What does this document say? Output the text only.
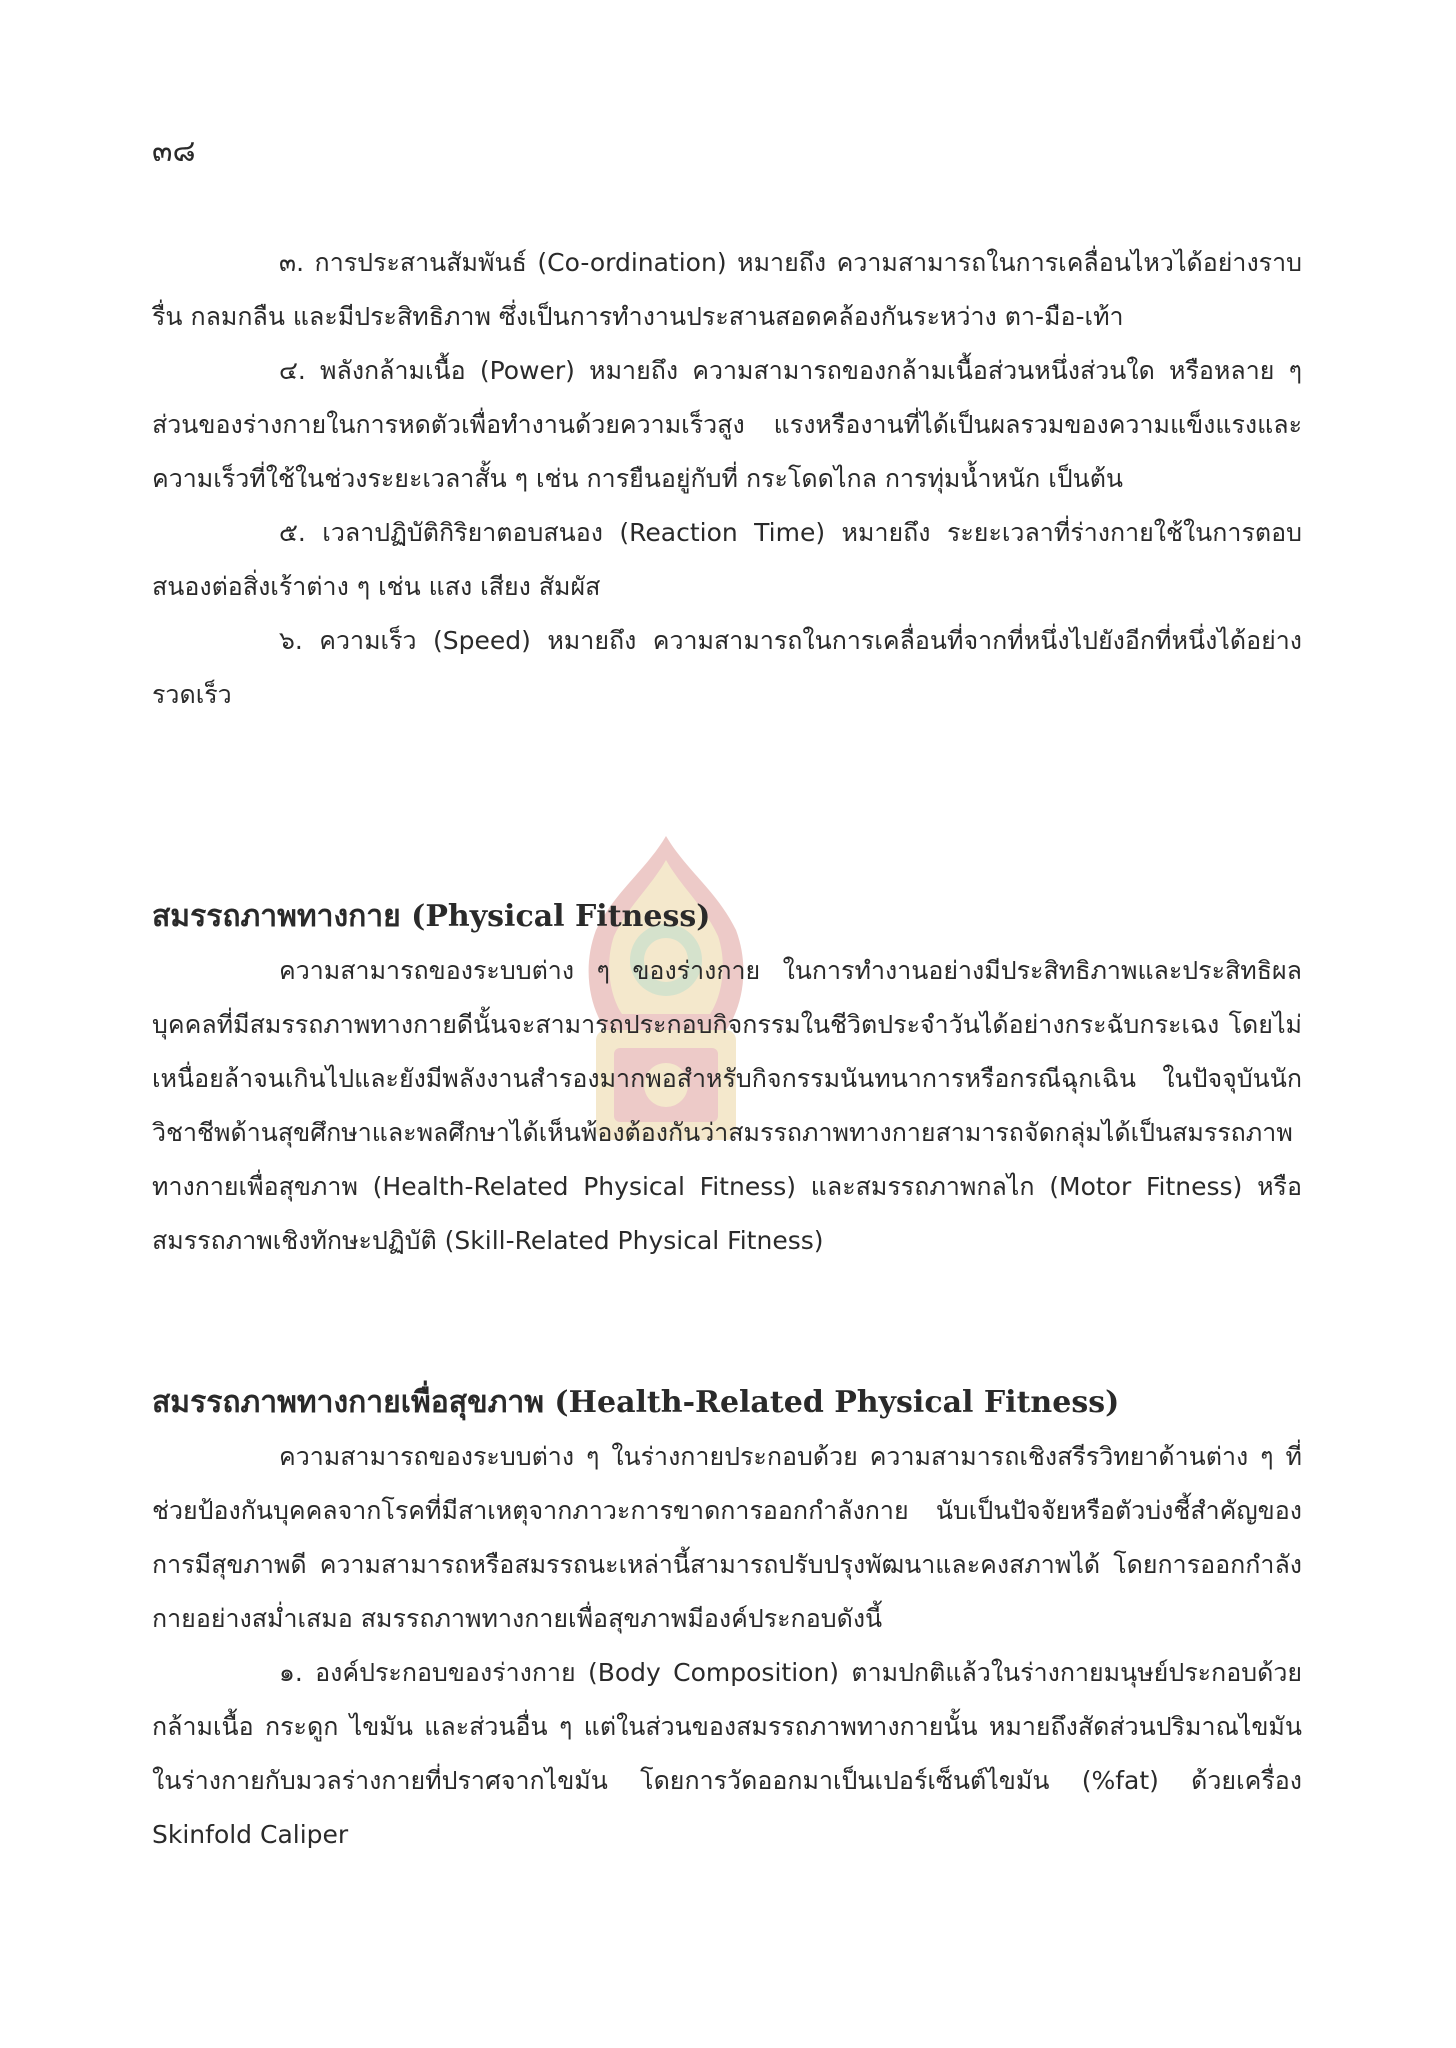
๓๘

๓. การประสานสัมพันธ์ (Co-ordination) หมายถึง ความสามารถในการเคลื่อนไหวได้อย่างราบรื่น กลมกลืน และมีประสิทธิภาพ ซึ่งเป็นการทำงานประสานสอดคล้องกันระหว่าง ตา-มือ-เท้า

๔. พลังกล้ามเนื้อ (Power) หมายถึง ความสามารถของกล้ามเนื้อส่วนหนึ่งส่วนใด หรือหลาย ๆ ส่วนของร่างกายในการหดตัวเพื่อทำงานด้วยความเร็วสูง แรงหรืองานที่ได้เป็นผลรวมของความแข็งแรงและความเร็วที่ใช้ในช่วงระยะเวลาสั้น ๆ เช่น การยืนอยู่กับที่ กระโดดไกล การทุ่มน้ำหนัก เป็นต้น

๕. เวลาปฏิบัติกิริยาตอบสนอง (Reaction Time) หมายถึง ระยะเวลาที่ร่างกายใช้ในการตอบสนองต่อสิ่งเร้าต่าง ๆ เช่น แสง เสียง สัมผัส

๖. ความเร็ว (Speed) หมายถึง ความสามารถในการเคลื่อนที่จากที่หนึ่งไปยังอีกที่หนึ่งได้อย่างรวดเร็ว

สมรรถภาพทางกาย (Physical Fitness)

ความสามารถของระบบต่าง ๆ ของร่างกาย ในการทำงานอย่างมีประสิทธิภาพและประสิทธิผล บุคคลที่มีสมรรถภาพทางกายดีนั้นจะสามารถประกอบกิจกรรมในชีวิตประจำวันได้อย่างกระฉับกระเฉง โดยไม่เหนื่อยล้าจนเกินไปและยังมีพลังงานสำรองมากพอสำหรับกิจกรรมนันทนาการหรือกรณีฉุกเฉิน ในปัจจุบันนักวิชาชีพด้านสุขศึกษาและพลศึกษาได้เห็นพ้องต้องกันว่าสมรรถภาพทางกายสามารถจัดกลุ่มได้เป็นสมรรถภาพทางกายเพื่อสุขภาพ (Health-Related Physical Fitness) และสมรรถภาพกลไก (Motor Fitness) หรือสมรรถภาพเชิงทักษะปฏิบัติ (Skill-Related Physical Fitness)

สมรรถภาพทางกายเพื่อสุขภาพ (Health-Related Physical Fitness)

ความสามารถของระบบต่าง ๆ ในร่างกายประกอบด้วย ความสามารถเชิงสรีรวิทยาด้านต่าง ๆ ที่ช่วยป้องกันบุคคลจากโรคที่มีสาเหตุจากภาวะการขาดการออกกำลังกาย นับเป็นปัจจัยหรือตัวบ่งชี้สำคัญของการมีสุขภาพดี ความสามารถหรือสมรรถนะเหล่านี้สามารถปรับปรุงพัฒนาและคงสภาพได้ โดยการออกกำลังกายอย่างสม่ำเสมอ สมรรถภาพทางกายเพื่อสุขภาพมีองค์ประกอบดังนี้

๑. องค์ประกอบของร่างกาย (Body Composition) ตามปกติแล้วในร่างกายมนุษย์ประกอบด้วย กล้ามเนื้อ กระดูก ไขมัน และส่วนอื่น ๆ แต่ในส่วนของสมรรถภาพทางกายนั้น หมายถึงสัดส่วนปริมาณไขมันในร่างกายกับมวลร่างกายที่ปราศจากไขมัน โดยการวัดออกมาเป็นเปอร์เซ็นต์ไขมัน (%fat) ด้วยเครื่อง Skinfold Caliper
